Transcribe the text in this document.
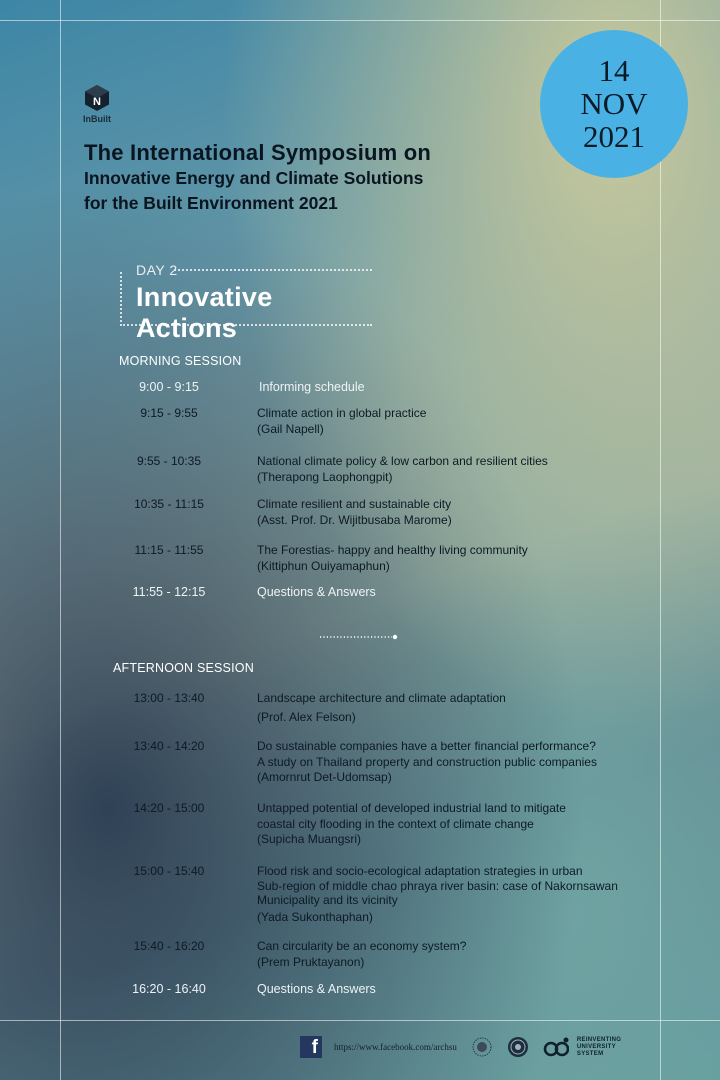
N
InBuilt
The International Symposium on
Innovative Energy and Climate Solutions
for the Built Environment 2021
14
NOV
2021
DAY 2
Innovative Actions
MORNING SESSION
9:00 - 9:15	Informing schedule
9:15 - 9:55	Climate action in global practice
(Gail Napell)
9:55 - 10:35	National climate policy & low carbon and resilient cities
(Therapong Laophongpit)
10:35 - 11:15	Climate resilient and sustainable city
(Asst. Prof. Dr. Wijitbusaba Marome)
11:15 - 11:55	The Forestias- happy and healthy living community
(Kittiphun Ouiyamaphun)
11:55 - 12:15	Questions & Answers
AFTERNOON SESSION
13:00 - 13:40	Landscape architecture and climate adaptation
(Prof. Alex Felson)
13:40 - 14:20	Do sustainable companies have a better financial performance?
A study on Thailand property and construction public companies
(Amornrut Det-Udomsap)
14:20 - 15:00	Untapped potential of developed industrial land to mitigate
coastal city flooding in the context of climate change
(Supicha Muangsri)
15:00 - 15:40	Flood risk and socio-ecological adaptation strategies in urban
Sub-region of middle chao phraya river basin: case of Nakornsawan
Municipality and its vicinity
(Yada Sukonthaphan)
15:40 - 16:20	Can circularity be an economy system?
(Prem Pruktayanon)
16:20 - 16:40	Questions & Answers
f	https://www.facebook.com/archsu
REINVENTING
UNIVERSITY
SYSTEM
